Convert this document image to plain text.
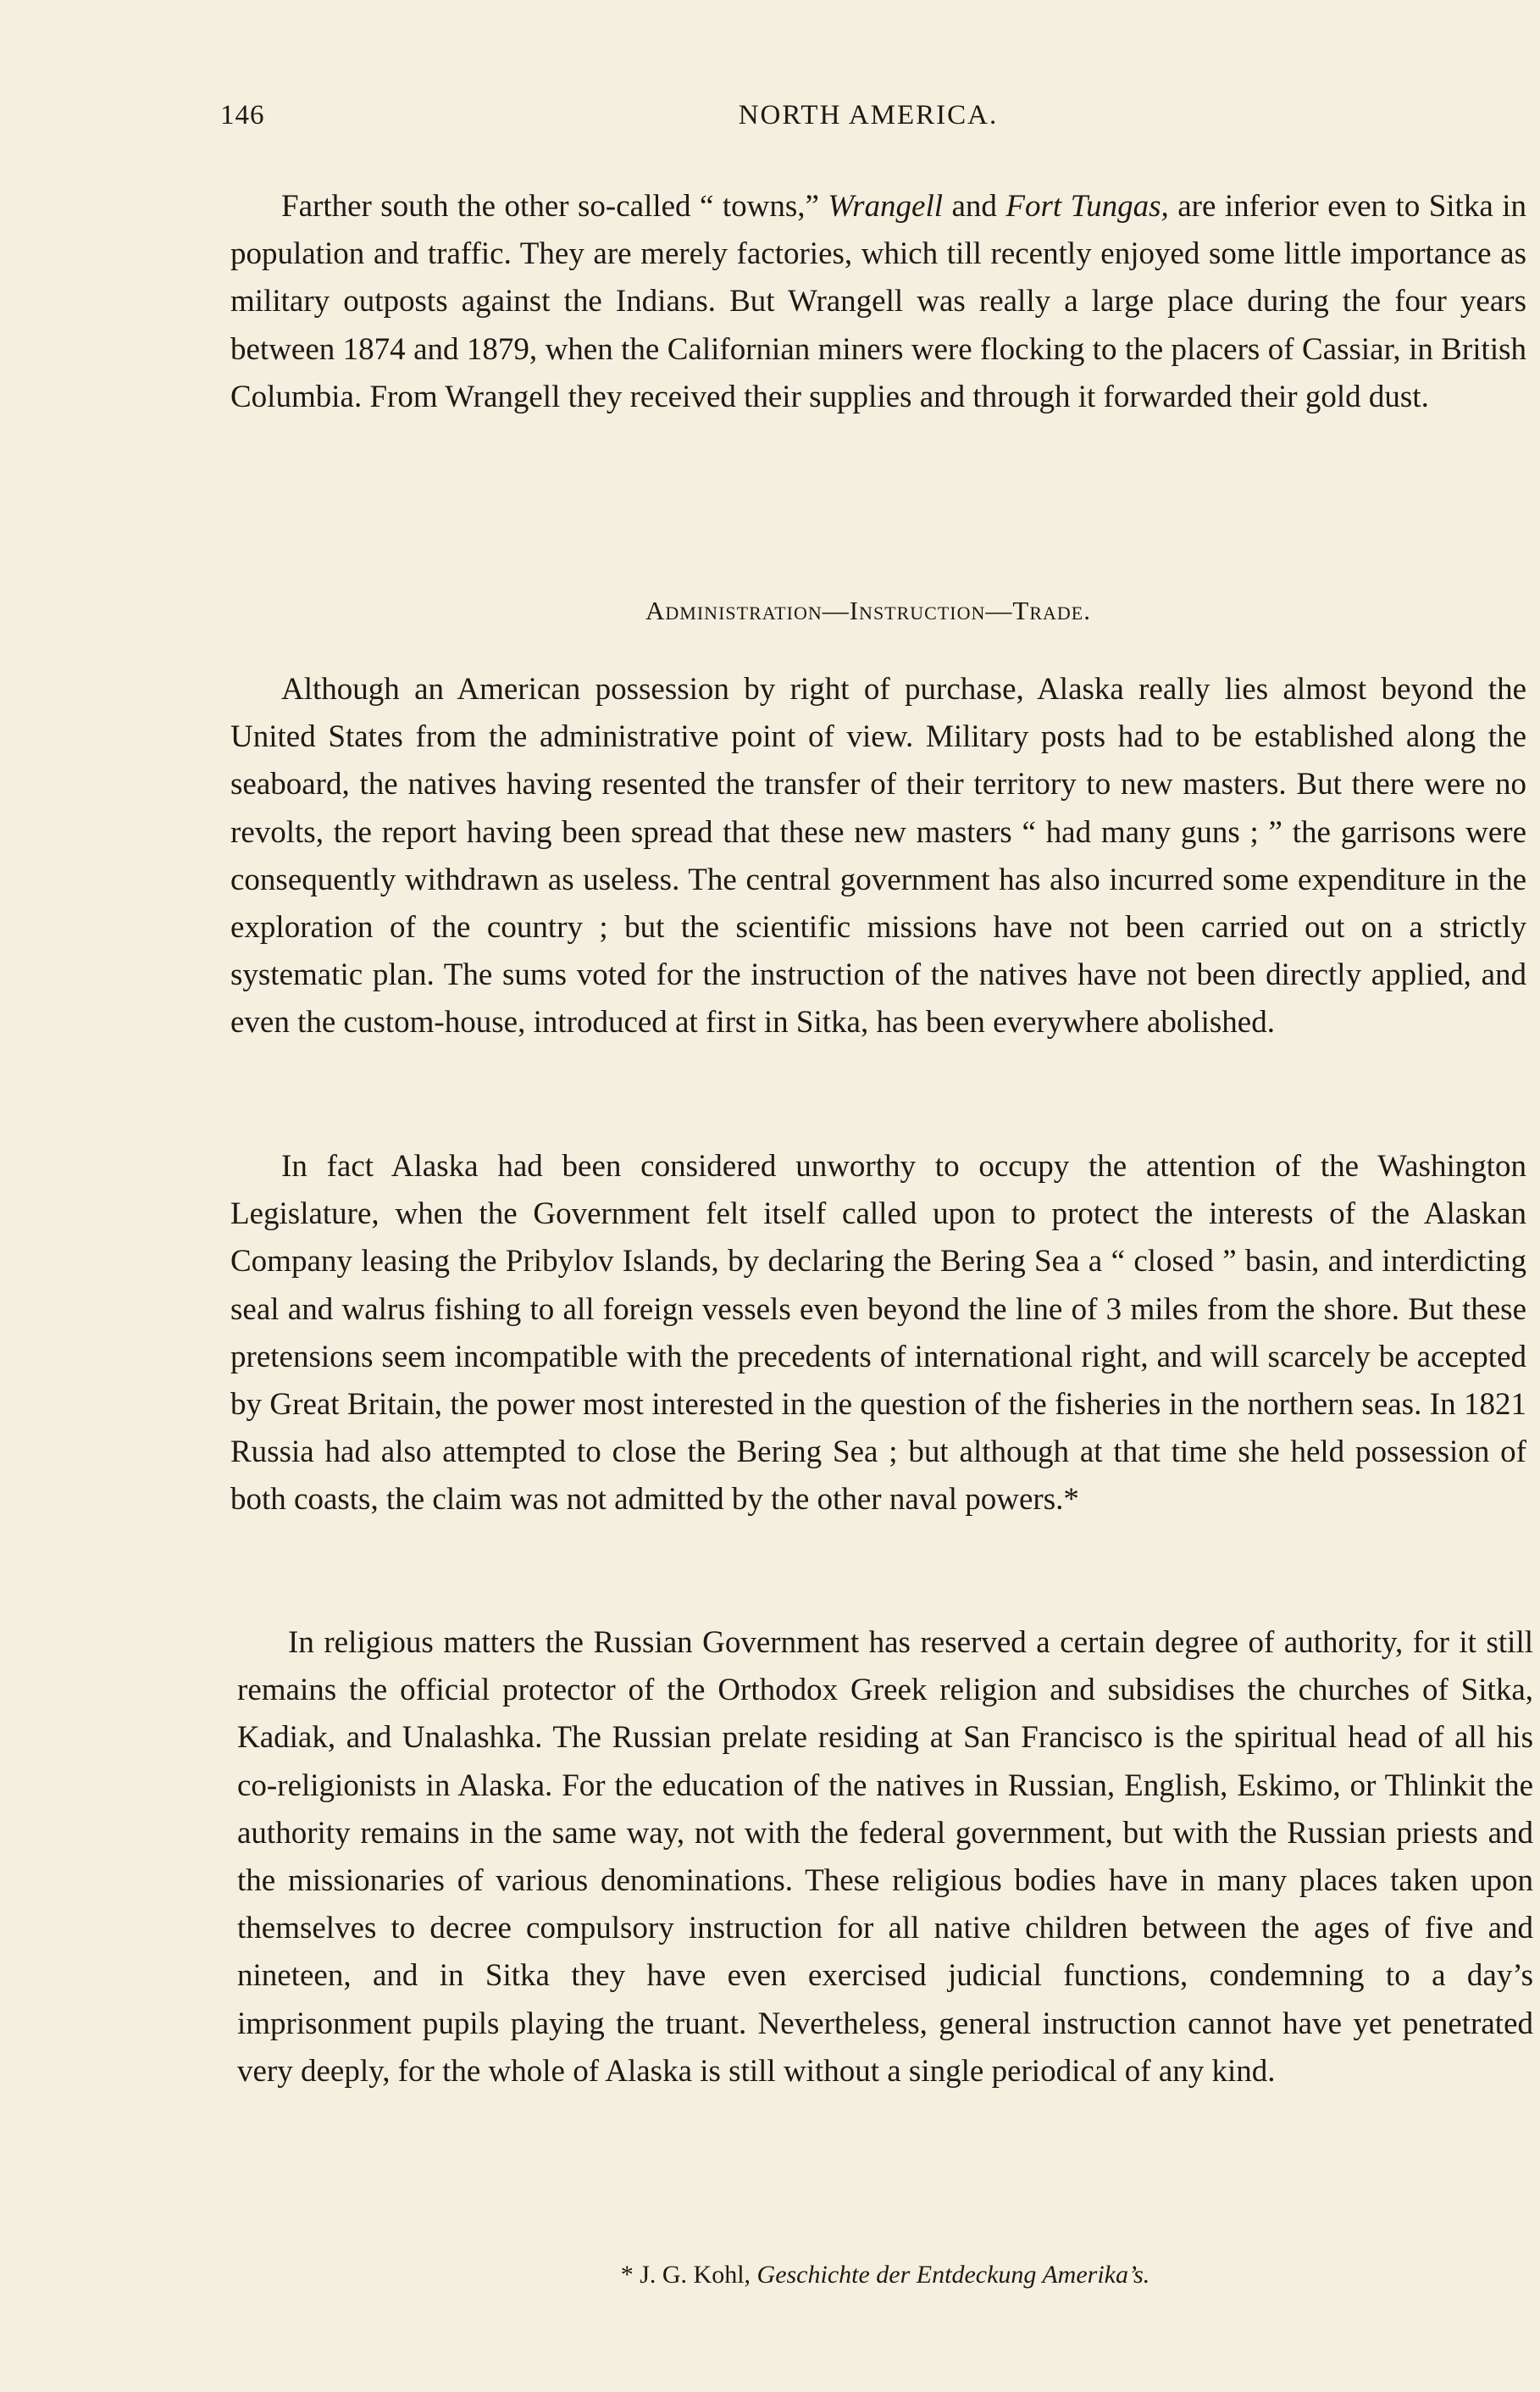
146	NORTH AMERICA.

Farther south the other so-called “ towns,” Wrangell and Fort Tungas, are inferior even to Sitka in population and traffic. They are merely factories, which till recently enjoyed some little importance as military outposts against the Indians. But Wrangell was really a large place during the four years between 1874 and 1879, when the Californian miners were flocking to the placers of Cassiar, in British Columbia. From Wrangell they received their supplies and through it forwarded their gold dust.

Administration—Instruction—Trade.

Although an American possession by right of purchase, Alaska really lies almost beyond the United States from the administrative point of view. Military posts had to be established along the seaboard, the natives having resented the transfer of their territory to new masters. But there were no revolts, the report having been spread that these new masters “ had many guns ; ” the garrisons were consequently withdrawn as useless. The central government has also incurred some expenditure in the exploration of the country ; but the scientific missions have not been carried out on a strictly systematic plan. The sums voted for the instruction of the natives have not been directly applied, and even the custom-house, introduced at first in Sitka, has been everywhere abolished.

In fact Alaska had been considered unworthy to occupy the attention of the Washington Legislature, when the Government felt itself called upon to protect the interests of the Alaskan Company leasing the Pribylov Islands, by declaring the Bering Sea a “ closed ” basin, and interdicting seal and walrus fishing to all foreign vessels even beyond the line of 3 miles from the shore. But these pretensions seem incompatible with the precedents of international right, and will scarcely be accepted by Great Britain, the power most interested in the question of the fisheries in the northern seas. In 1821 Russia had also attempted to close the Bering Sea ; but although at that time she held possession of both coasts, the claim was not admitted by the other naval powers.*

In religious matters the Russian Government has reserved a certain degree of authority, for it still remains the official protector of the Orthodox Greek religion and subsidises the churches of Sitka, Kadiak, and Unalashka. The Russian prelate residing at San Francisco is the spiritual head of all his co-religionists in Alaska. For the education of the natives in Russian, English, Eskimo, or Thlinkit the authority remains in the same way, not with the federal government, but with the Russian priests and the missionaries of various denominations. These religious bodies have in many places taken upon themselves to decree compulsory instruction for all native children between the ages of five and nineteen, and in Sitka they have even exercised judicial functions, condemning to a day’s imprisonment pupils playing the truant. Nevertheless, general instruction cannot have yet penetrated very deeply, for the whole of Alaska is still without a single periodical of any kind.

* J. G. Kohl, Geschichte der Entdeckung Amerika’s.
